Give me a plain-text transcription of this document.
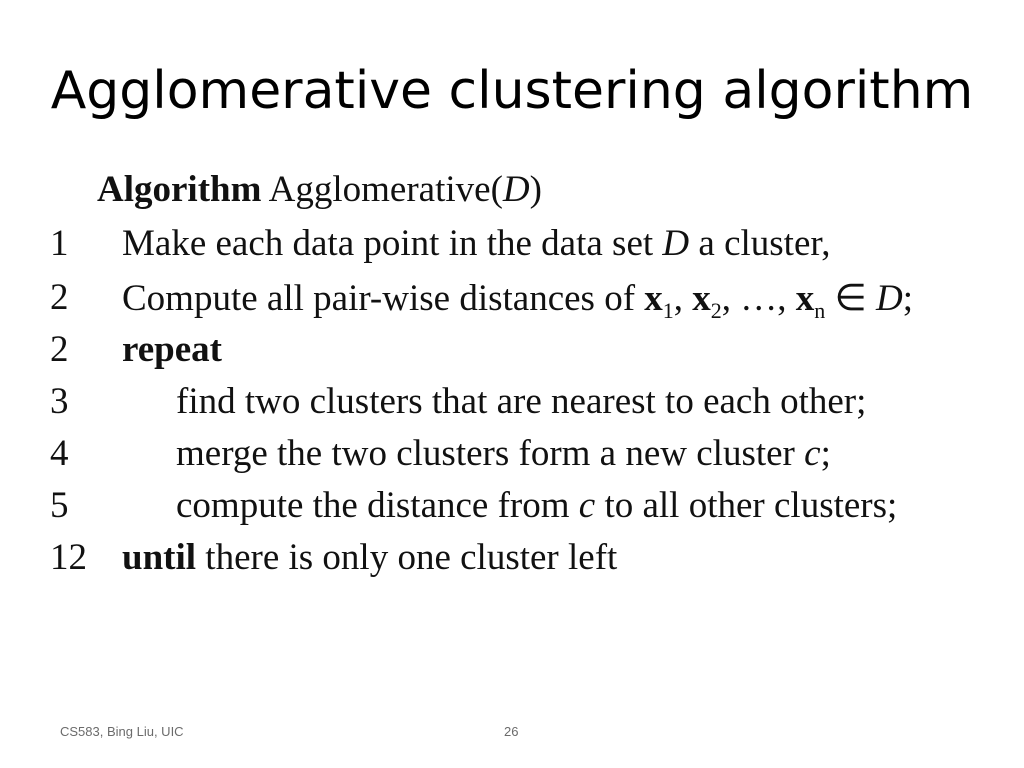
Agglomerative clustering algorithm
Algorithm Agglomerative(D)
1 Make each data point in the data set D a cluster,
2 Compute all pair-wise distances of $x_1$, $x_2$, …, $x_n$ ∈ D;
2 repeat
3	find two clusters that are nearest to each other;
4	merge the two clusters form a new cluster c;
5	compute the distance from c to all other clusters;
12 until there is only one cluster left
CS583, Bing Liu, UIC	26
